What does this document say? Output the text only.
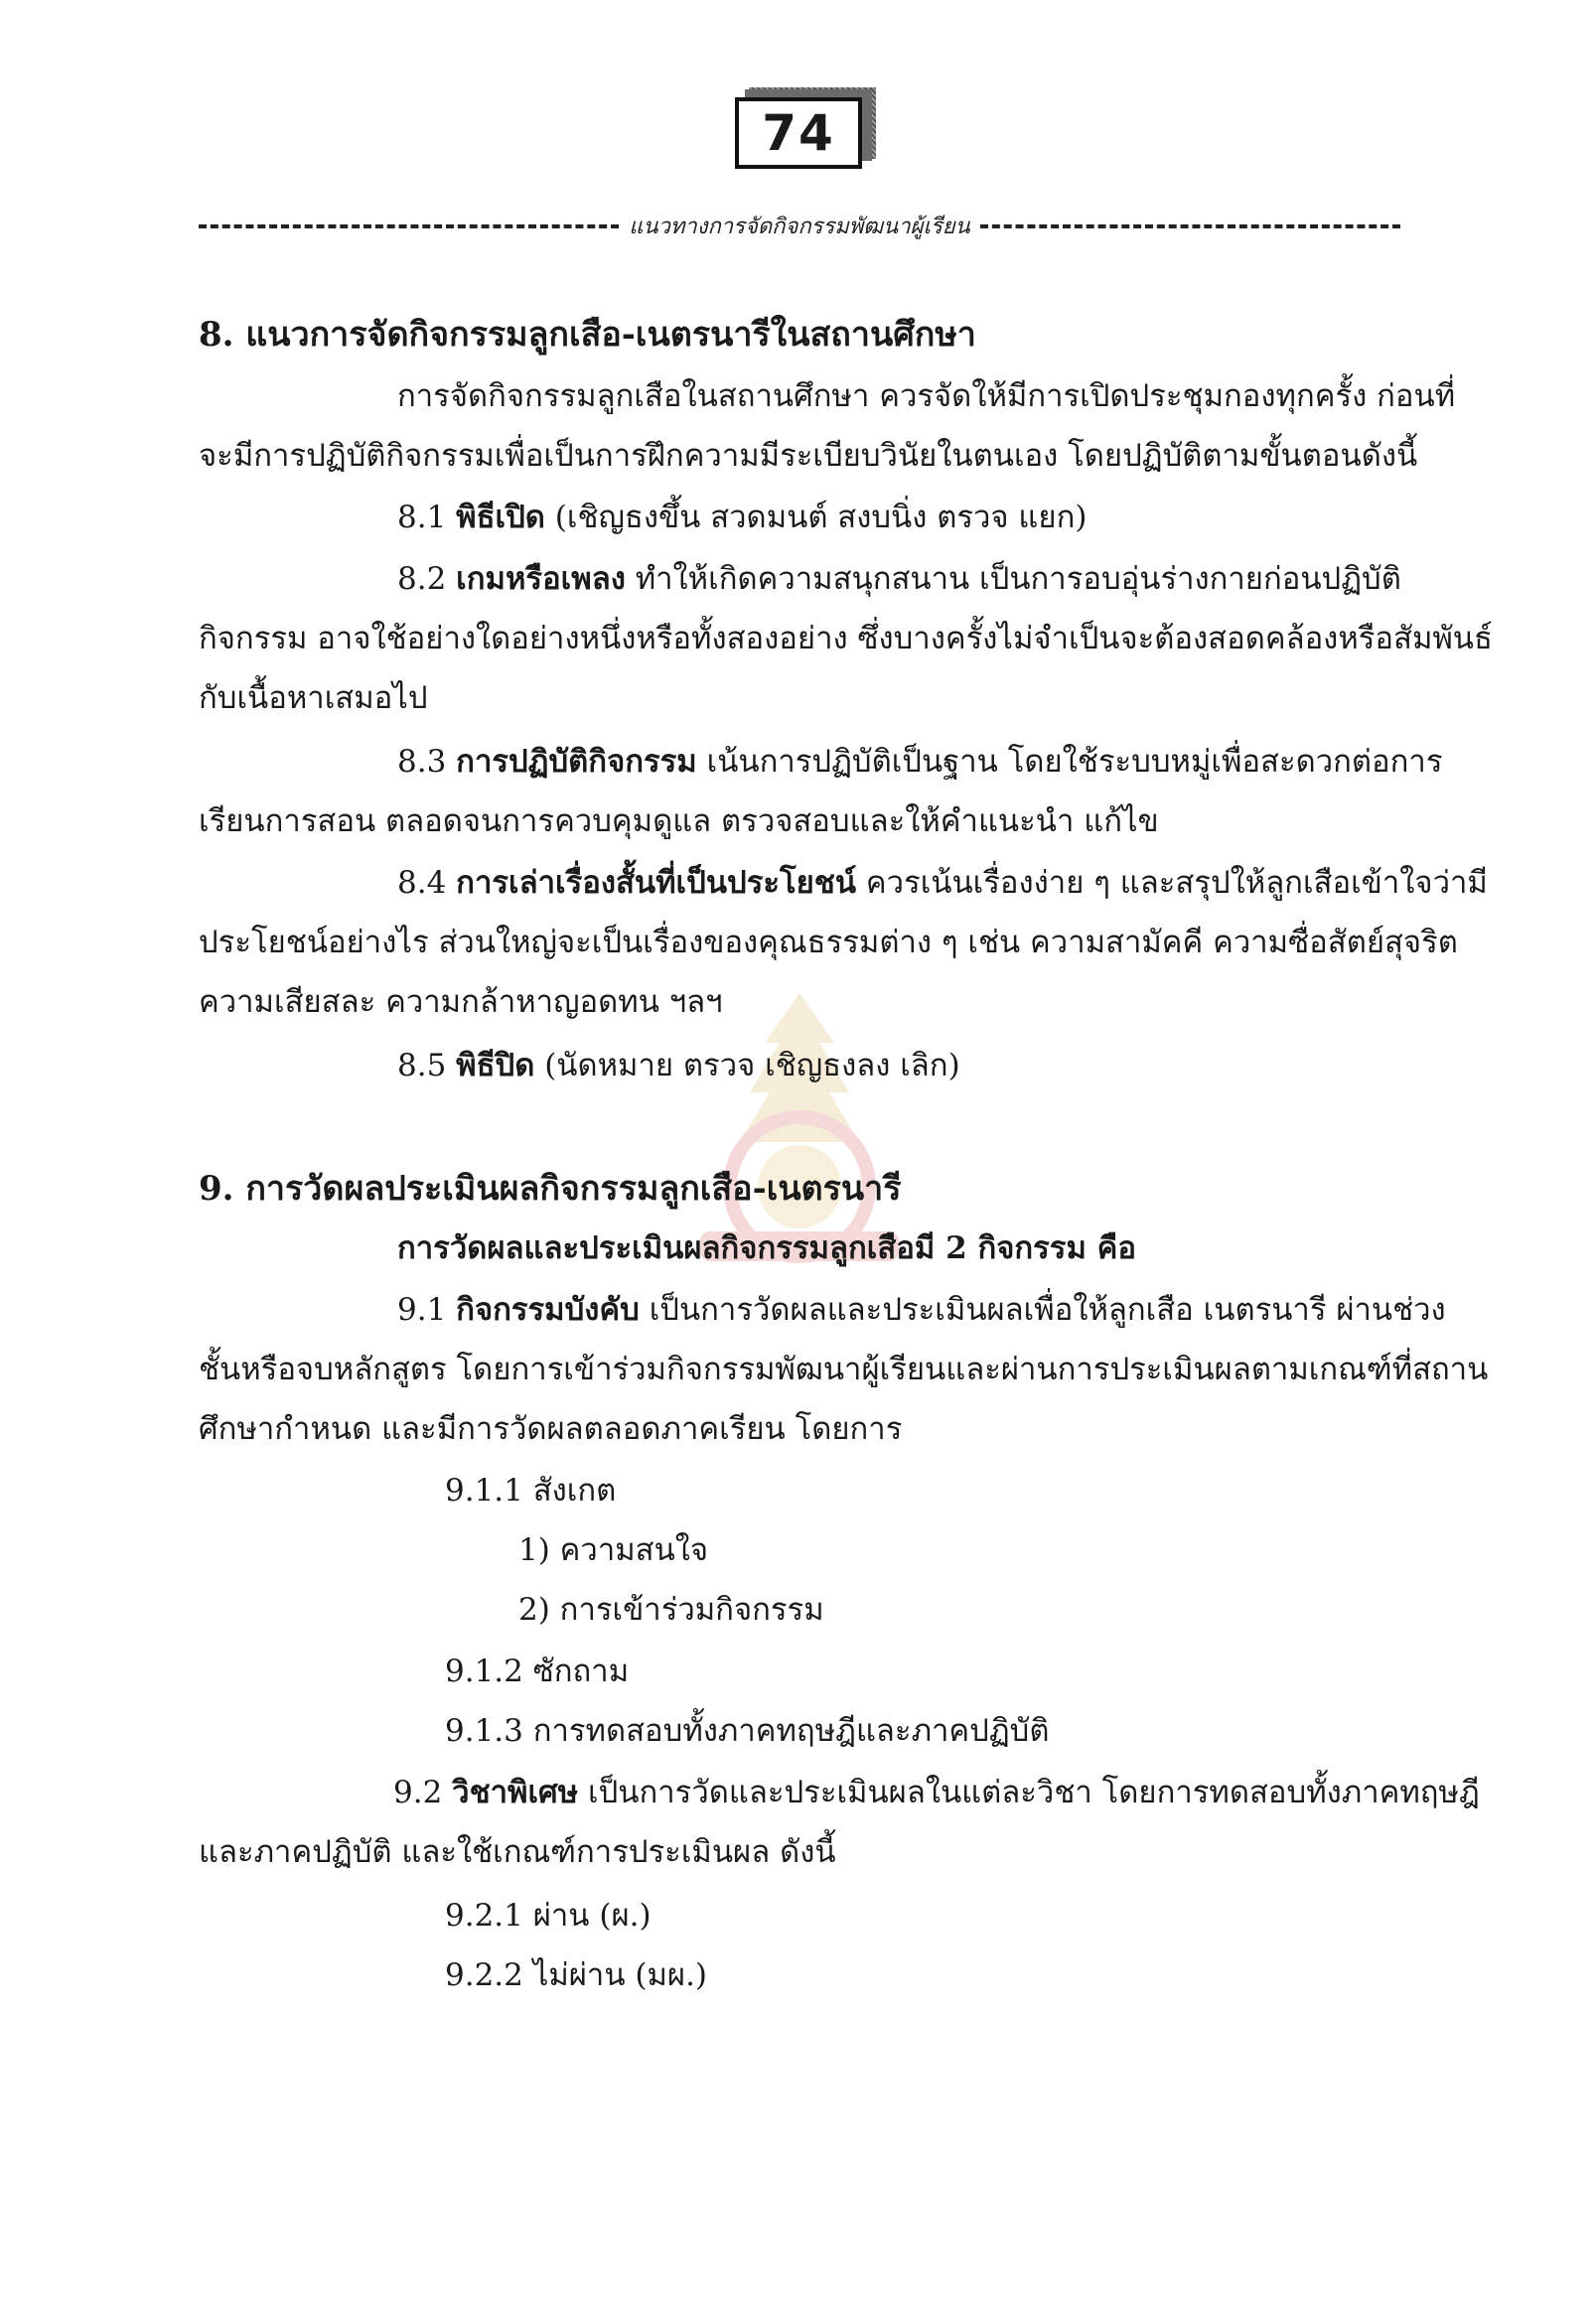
74
แนวทางการจัดกิจกรรมพัฒนาผู้เรียน
8. แนวการจัดกิจกรรมลูกเสือ-เนตรนารีในสถานศึกษา
การจัดกิจกรรมลูกเสือในสถานศึกษา ควรจัดให้มีการเปิดประชุมกองทุกครั้ง ก่อนที่
จะมีการปฏิบัติกิจกรรมเพื่อเป็นการฝึกความมีระเบียบวินัยในตนเอง โดยปฏิบัติตามขั้นตอนดังนี้
8.1 พิธีเปิด (เชิญธงขึ้น สวดมนต์ สงบนิ่ง ตรวจ แยก)
8.2 เกมหรือเพลง ทำให้เกิดความสนุกสนาน เป็นการอบอุ่นร่างกายก่อนปฏิบัติ
กิจกรรม อาจใช้อย่างใดอย่างหนึ่งหรือทั้งสองอย่าง ซึ่งบางครั้งไม่จำเป็นจะต้องสอดคล้องหรือสัมพันธ์
กับเนื้อหาเสมอไป
8.3 การปฏิบัติกิจกรรม เน้นการปฏิบัติเป็นฐาน โดยใช้ระบบหมู่เพื่อสะดวกต่อการ
เรียนการสอน ตลอดจนการควบคุมดูแล ตรวจสอบและให้คำแนะนำ แก้ไข
8.4 การเล่าเรื่องสั้นที่เป็นประโยชน์ ควรเน้นเรื่องง่าย ๆ และสรุปให้ลูกเสือเข้าใจว่ามี
ประโยชน์อย่างไร ส่วนใหญ่จะเป็นเรื่องของคุณธรรมต่าง ๆ เช่น ความสามัคคี ความซื่อสัตย์สุจริต
ความเสียสละ ความกล้าหาญอดทน ฯลฯ
8.5 พิธีปิด (นัดหมาย ตรวจ เชิญธงลง เลิก)
9. การวัดผลประเมินผลกิจกรรมลูกเสือ-เนตรนารี
การวัดผลและประเมินผลกิจกรรมลูกเสือมี 2 กิจกรรม คือ
9.1 กิจกรรมบังคับ เป็นการวัดผลและประเมินผลเพื่อให้ลูกเสือ เนตรนารี ผ่านช่วง
ชั้นหรือจบหลักสูตร โดยการเข้าร่วมกิจกรรมพัฒนาผู้เรียนและผ่านการประเมินผลตามเกณฑ์ที่สถาน
ศึกษากำหนด และมีการวัดผลตลอดภาคเรียน โดยการ
9.1.1 สังเกต
1) ความสนใจ
2) การเข้าร่วมกิจกรรม
9.1.2 ซักถาม
9.1.3 การทดสอบทั้งภาคทฤษฎีและภาคปฏิบัติ
9.2 วิชาพิเศษ เป็นการวัดและประเมินผลในแต่ละวิชา โดยการทดสอบทั้งภาคทฤษฎี
และภาคปฏิบัติ และใช้เกณฑ์การประเมินผล ดังนี้
9.2.1 ผ่าน (ผ.)
9.2.2 ไม่ผ่าน (มผ.)
